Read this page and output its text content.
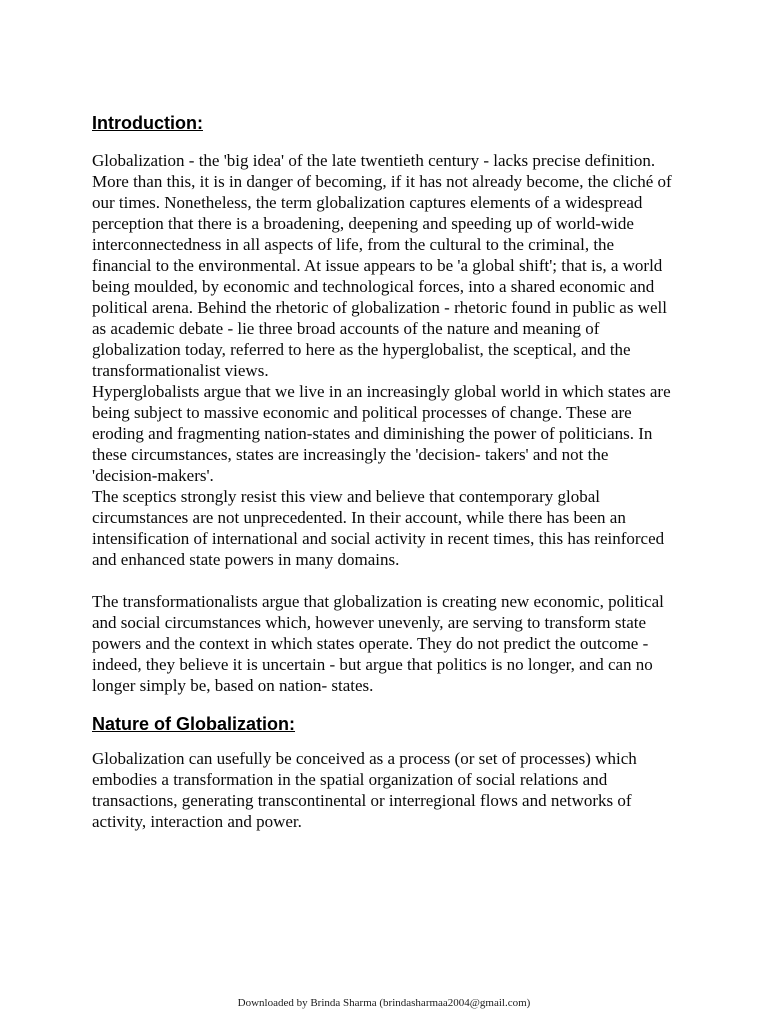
Introduction:

Globalization - the 'big idea' of the late twentieth century - lacks precise definition. More than this, it is in danger of becoming, if it has not already become, the cliché of our times. Nonetheless, the term globalization captures elements of a widespread perception that there is a broadening, deepening and speeding up of world-wide interconnectedness in all aspects of life, from the cultural to the criminal, the financial to the environmental. At issue appears to be 'a global shift'; that is, a world being moulded, by economic and technological forces, into a shared economic and political arena. Behind the rhetoric of globalization - rhetoric found in public as well as academic debate - lie three broad accounts of the nature and meaning of globalization today, referred to here as the hyperglobalist, the sceptical, and the transformationalist views.

Hyperglobalists argue that we live in an increasingly global world in which states are being subject to massive economic and political processes of change. These are eroding and fragmenting nation-states and diminishing the power of politicians. In these circumstances, states are increasingly the 'decision- takers' and not the 'decision-makers'.

The sceptics strongly resist this view and believe that contemporary global circumstances are not unprecedented. In their account, while there has been an intensification of international and social activity in recent times, this has reinforced and enhanced state powers in many domains.

The transformationalists argue that globalization is creating new economic, political and social circumstances which, however unevenly, are serving to transform state powers and the context in which states operate. They do not predict the outcome - indeed, they believe it is uncertain - but argue that politics is no longer, and can no longer simply be, based on nation- states.

Nature of Globalization:

Globalization can usefully be conceived as a process (or set of processes) which embodies a transformation in the spatial organization of social relations and transactions, generating transcontinental or interregional flows and networks of activity, interaction and power.

Downloaded by Brinda Sharma (brindasharmaa2004@gmail.com)
